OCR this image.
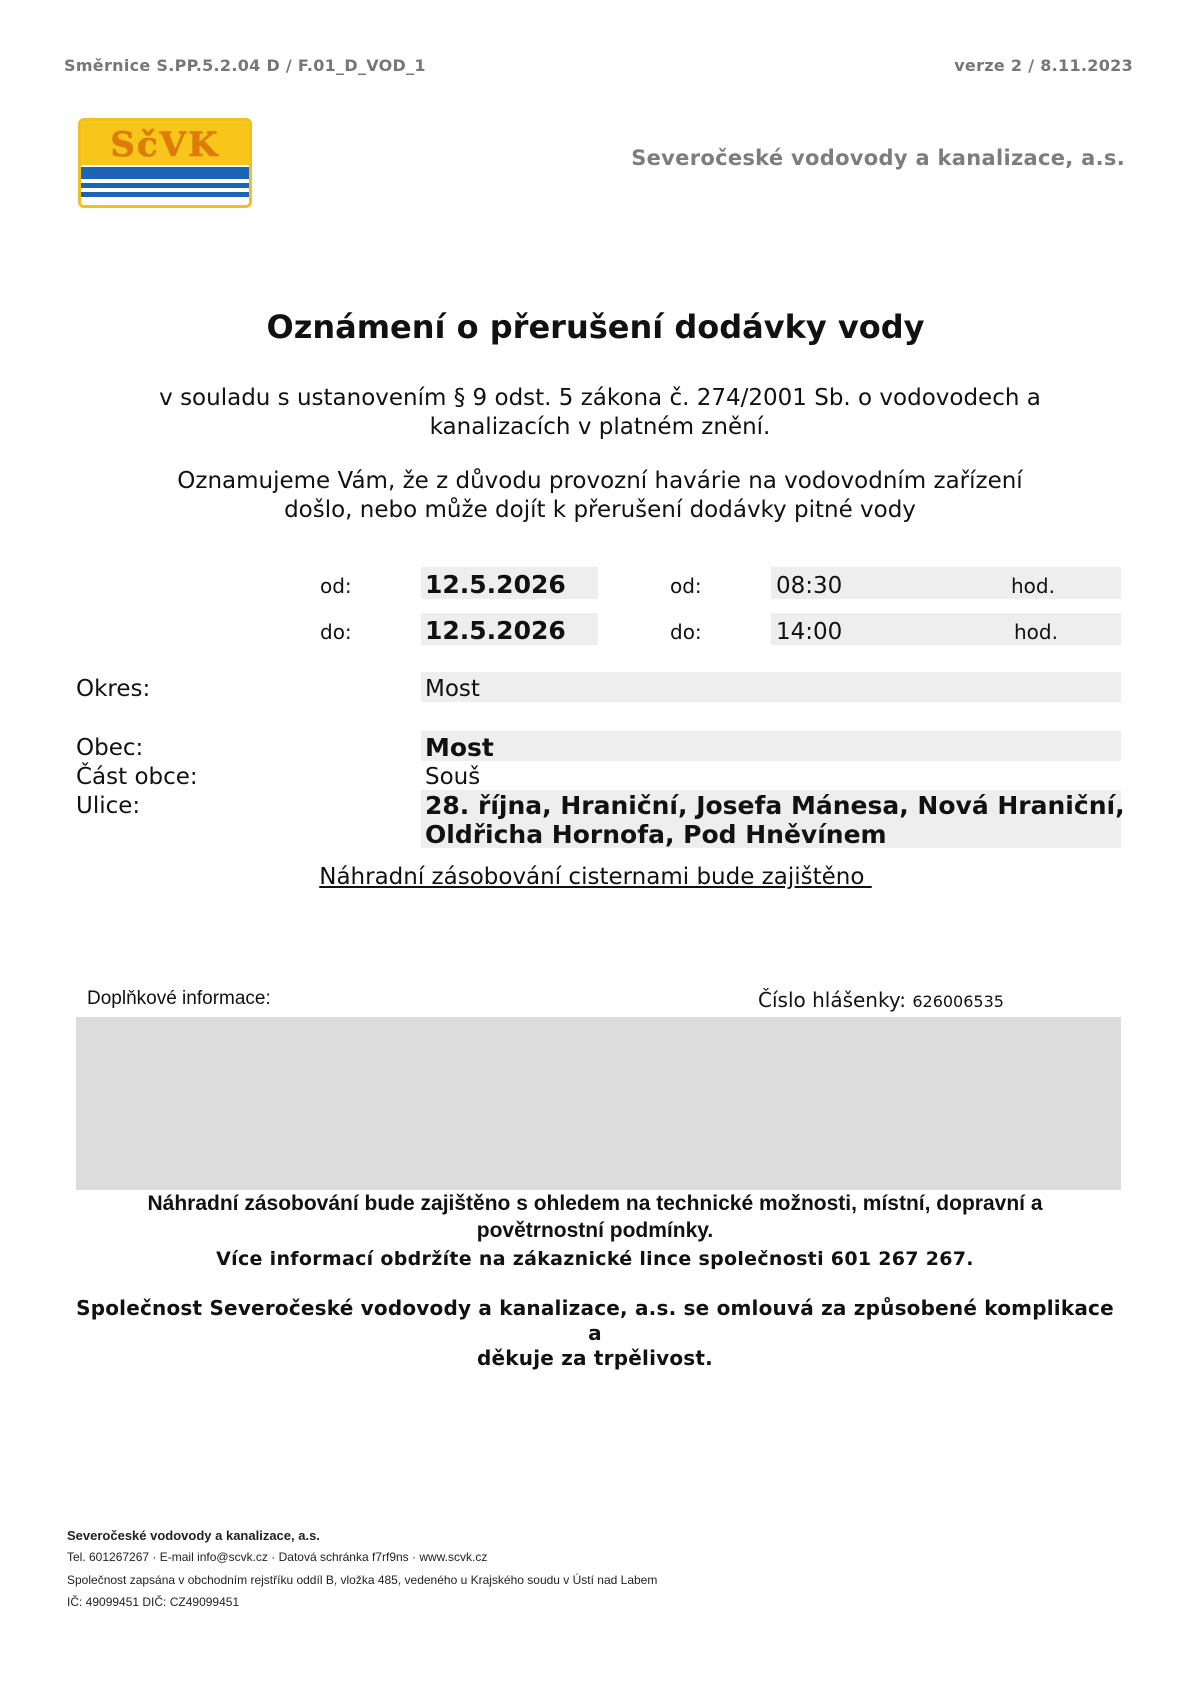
Směrnice S.PP.5.2.04 D / F.01_D_VOD_1	verze 2 / 8.11.2023
SčVK	Severočeské vodovody a kanalizace, a.s.
Oznámení o přerušení dodávky vody
v souladu s ustanovením § 9 odst. 5 zákona č. 274/2001 Sb. o vodovodech a
kanalizacích v platném znění.
Oznamujeme Vám, že z důvodu provozní havárie na vodovodním zařízení
došlo, nebo může dojít k přerušení dodávky pitné vody
od:	12.5.2026	od:	08:30	hod.
do:	12.5.2026	do:	14:00	hod.
Okres:	Most
Obec:	Most
Část obce:	Souš
Ulice:	28. října, Hraniční, Josefa Mánesa, Nová Hraniční,
Oldřicha Hornofa, Pod Hněvínem
Náhradní zásobování cisternami bude zajištěno
Doplňkové informace:	Číslo hlášenky: 626006535
Náhradní zásobování bude zajištěno s ohledem na technické možnosti, místní, dopravní a
povětrnostní podmínky.
Více informací obdržíte na zákaznické lince společnosti 601 267 267.
Společnost Severočeské vodovody a kanalizace, a.s. se omlouvá za způsobené komplikace a
děkuje za trpělivost.
Severočeské vodovody a kanalizace, a.s.
Tel. 601267267 · E-mail info@scvk.cz · Datová schránka f7rf9ns · www.scvk.cz
Společnost zapsána v obchodním rejstříku oddíl B, vložka 485, vedeného u Krajského soudu v Ústí nad Labem
IČ: 49099451 DIČ: CZ49099451
